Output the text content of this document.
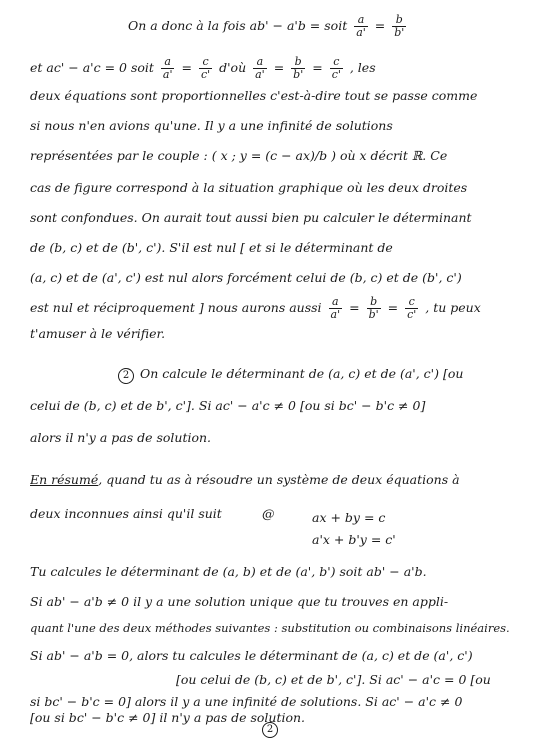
On a donc à la fois ab' − a'b = soit $\frac{a}{a'} = \frac{b}{b'}$
et ac' − a'c = 0 soit $\frac{a}{a'} = \frac{c}{c'}$ d'où $\frac{a}{a'} = \frac{b}{b'} = \frac{c}{c'}$ , les
deux équations sont proportionnelles c'est-à-dire tout se passe comme
si nous n'en avions qu'une. Il y a une infinité de solutions
représentées par le couple : ( x ; y = (c − ax)/b ) où x décrit ℝ. Ce
cas de figure correspond à la situation graphique où les deux droites
sont confondues. On aurait tout aussi bien pu calculer le déterminant
de (b, c) et de (b', c'). S'il est nul [ et si le déterminant de
(a, c) et de (a', c') est nul alors forcément celui de (b, c) et de (b', c')
est nul et réciproquement ] nous aurons aussi $\frac{a}{a'} = \frac{b}{b'} = \frac{c}{c'}$ , tu peux
t'amuser à le vérifier.
2 On calcule le déterminant de (a, c) et de (a', c') [ou
celui de (b, c) et de b', c']. Si ac' − a'c ≠ 0 [ou si bc' − b'c ≠ 0]
alors il n'y a pas de solution.
En résumé, quand tu as à résoudre un système de deux équations à
deux inconnues ainsi qu'il suit	@	ax + by = c
a'x + b'y = c'
Tu calcules le déterminant de (a, b) et de (a', b') soit ab' − a'b.
Si ab' − a'b ≠ 0 il y a une solution unique que tu trouves en appli-
quant l'une des deux méthodes suivantes : substitution ou combinaisons linéaires.
Si ab' − a'b = 0, alors tu calcules le déterminant de (a, c) et de (a', c')
[ou celui de (b, c) et de b', c']. Si ac' − a'c = 0 [ou
si bc' − b'c = 0] alors il y a une infinité de solutions. Si ac' − a'c ≠ 0
[ou si bc' − b'c ≠ 0] il n'y a pas de solution.
2
